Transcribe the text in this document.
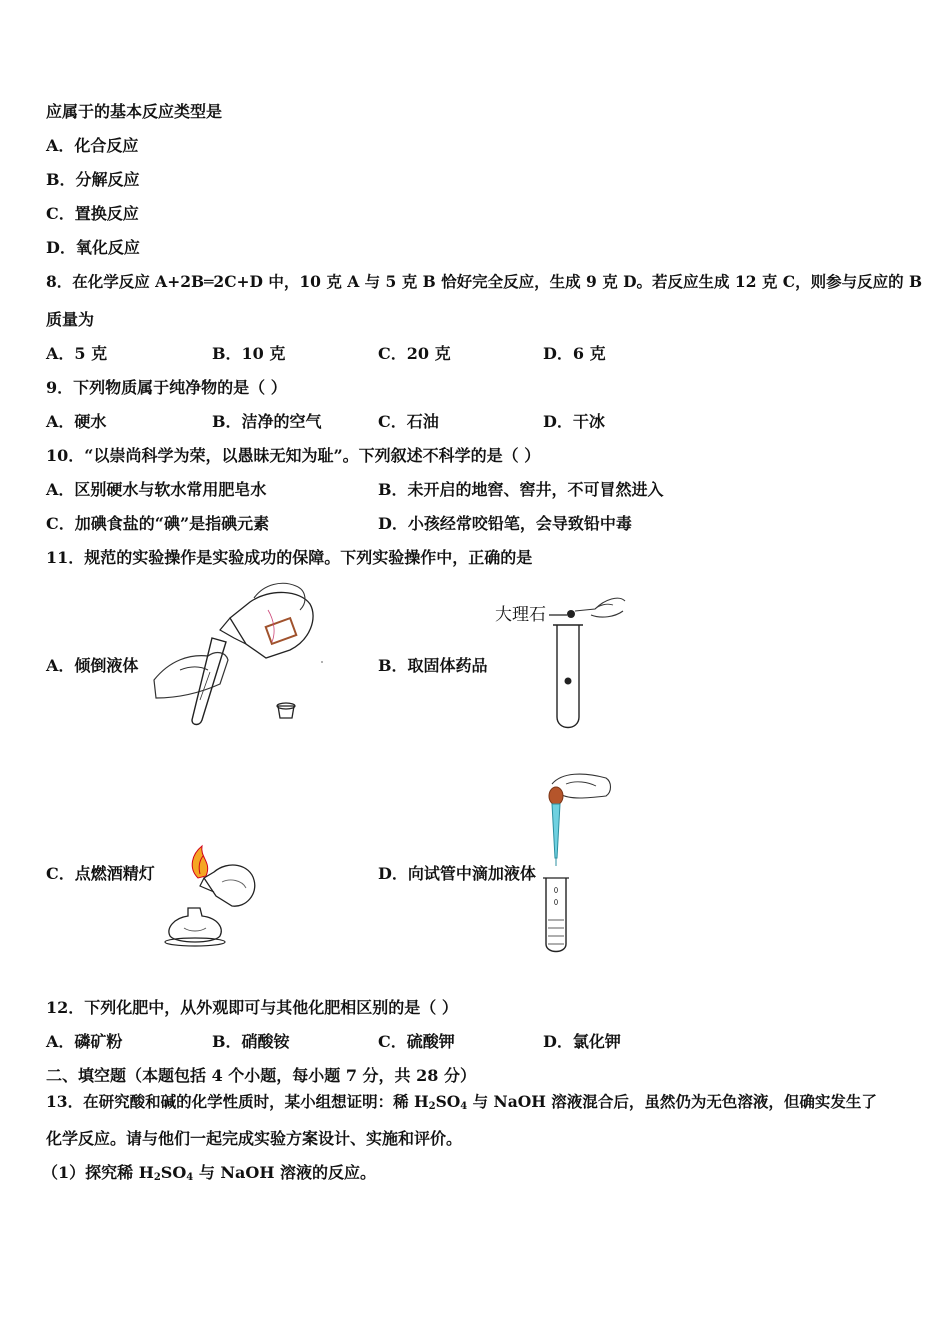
应属于的基本反应类型是
A．化合反应
B．分解反应
C．置换反应
D．氧化反应
8．在化学反应 A+2B═2C+D 中，10 克 A 与 5 克 B 恰好完全反应，生成 9 克 D。若反应生成 12 克 C，则参与反应的 B
质量为
A．5 克	B．10 克	C．20 克	D．6 克
9．下列物质属于纯净物的是（ ）
A．硬水	B．洁净的空气	C．石油	D．干冰
10．“以崇尚科学为荣，以愚昧无知为耻”。下列叙述不科学的是（ ）
A．区别硬水与软水常用肥皂水	B．未开启的地窖、窖井，不可冒然进入
C．加碘食盐的“碘”是指碘元素	D．小孩经常咬铅笔，会导致铅中毒
11．规范的实验操作是实验成功的保障。下列实验操作中，正确的是
A．倾倒液体	B．取固体药品
C．点燃酒精灯	D．向试管中滴加液体
大理石
12．下列化肥中，从外观即可与其他化肥相区别的是（ ）
A．磷矿粉	B．硝酸铵	C．硫酸钾	D．氯化钾
二、填空题（本题包括 4 个小题，每小题 7 分，共 28 分）
13．在研究酸和碱的化学性质时，某小组想证明：稀 $H_2SO_4$ 与 NaOH 溶液混合后，虽然仍为无色溶液，但确实发生了
化学反应。请与他们一起完成实验方案设计、实施和评价。
（1）探究稀 $H_2SO_4$ 与 NaOH 溶液的反应。
